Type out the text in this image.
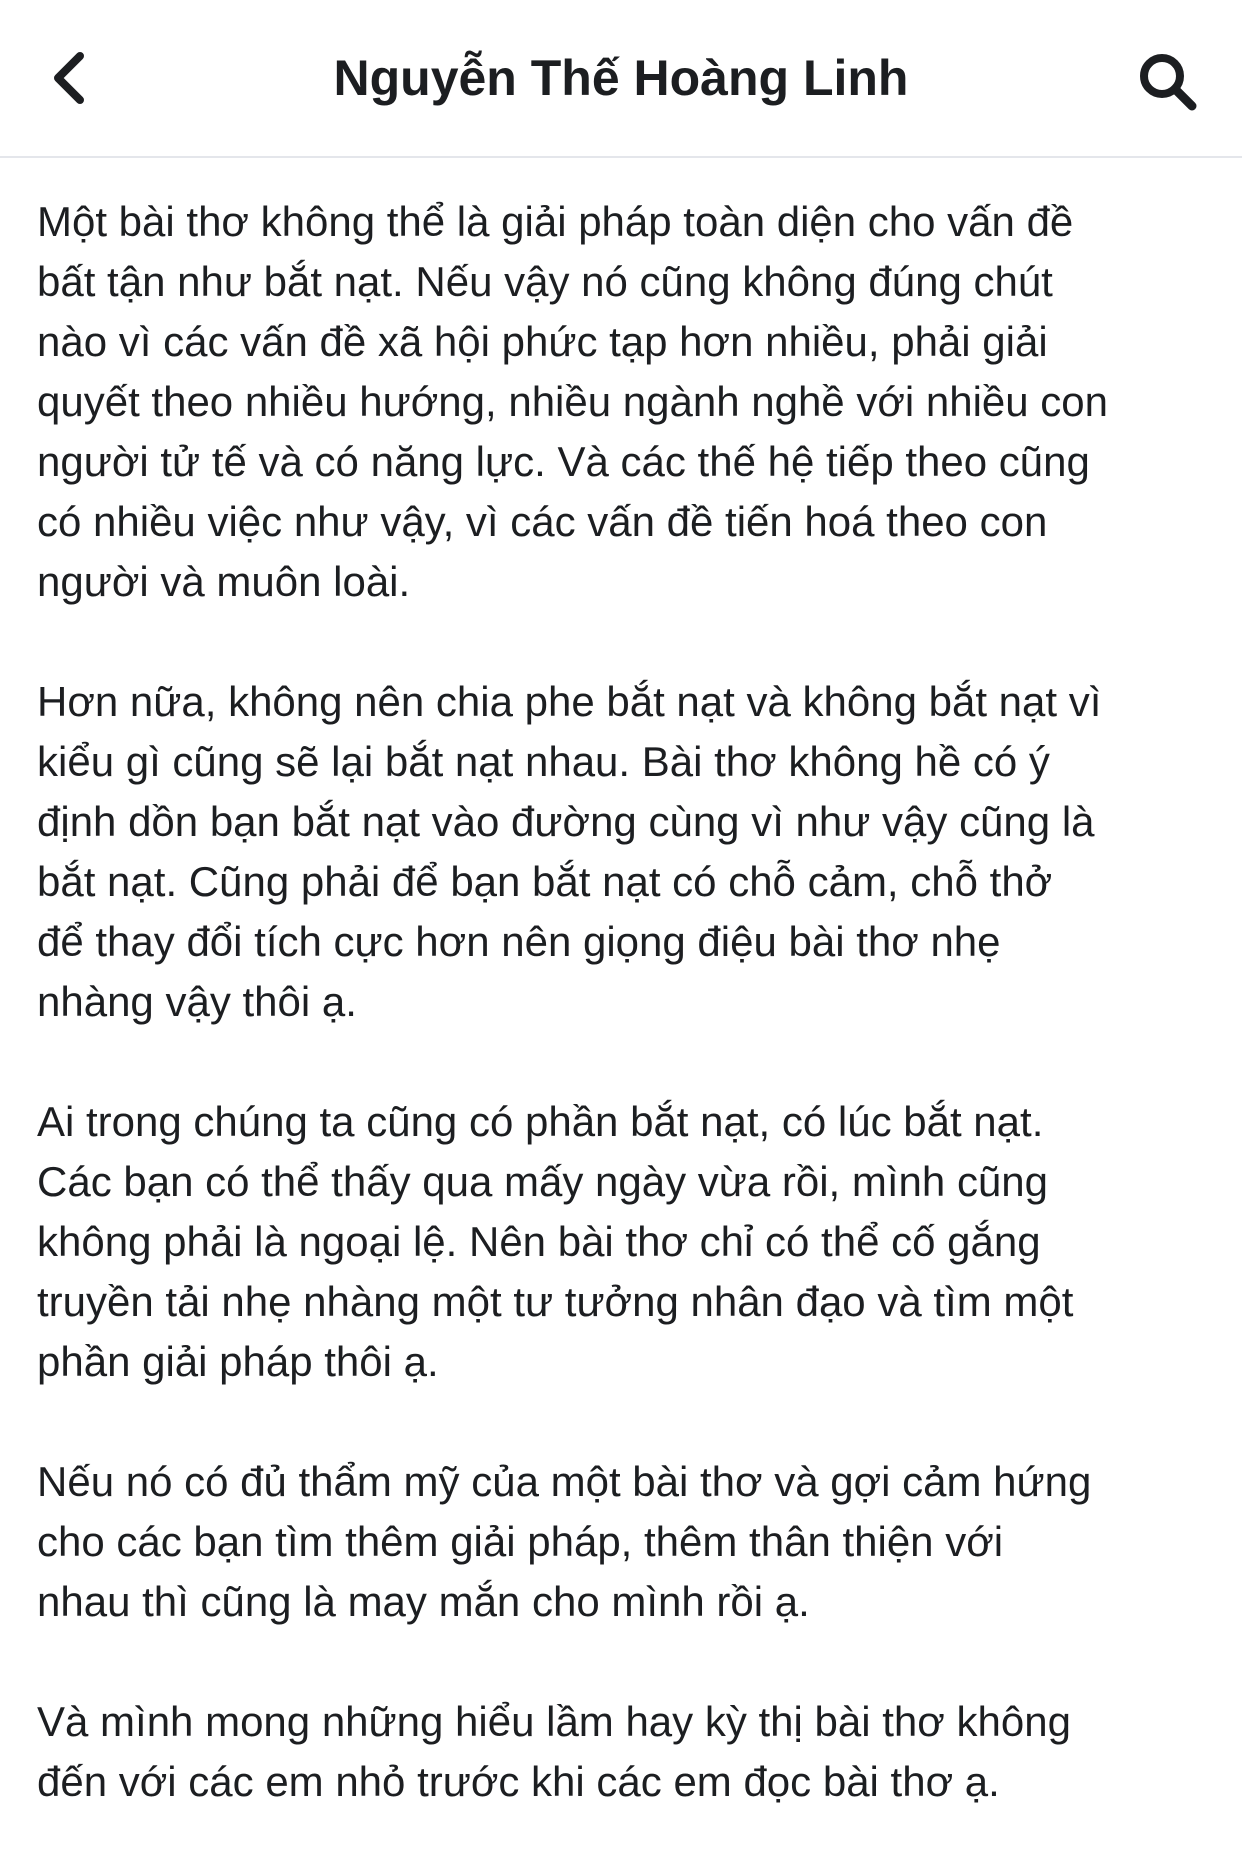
Nguyễn Thế Hoàng Linh

Một bài thơ không thể là giải pháp toàn diện cho vấn đề
bất tận như bắt nạt. Nếu vậy nó cũng không đúng chút
nào vì các vấn đề xã hội phức tạp hơn nhiều, phải giải
quyết theo nhiều hướng, nhiều ngành nghề với nhiều con
người tử tế và có năng lực. Và các thế hệ tiếp theo cũng
có nhiều việc như vậy, vì các vấn đề tiến hoá theo con
người và muôn loài.

Hơn nữa, không nên chia phe bắt nạt và không bắt nạt vì
kiểu gì cũng sẽ lại bắt nạt nhau. Bài thơ không hề có ý
định dồn bạn bắt nạt vào đường cùng vì như vậy cũng là
bắt nạt. Cũng phải để bạn bắt nạt có chỗ cảm, chỗ thở
để thay đổi tích cực hơn nên giọng điệu bài thơ nhẹ
nhàng vậy thôi ạ.

Ai trong chúng ta cũng có phần bắt nạt, có lúc bắt nạt.
Các bạn có thể thấy qua mấy ngày vừa rồi, mình cũng
không phải là ngoại lệ. Nên bài thơ chỉ có thể cố gắng
truyền tải nhẹ nhàng một tư tưởng nhân đạo và tìm một
phần giải pháp thôi ạ.

Nếu nó có đủ thẩm mỹ của một bài thơ và gợi cảm hứng
cho các bạn tìm thêm giải pháp, thêm thân thiện với
nhau thì cũng là may mắn cho mình rồi ạ.

Và mình mong những hiểu lầm hay kỳ thị bài thơ không
đến với các em nhỏ trước khi các em đọc bài thơ ạ.
